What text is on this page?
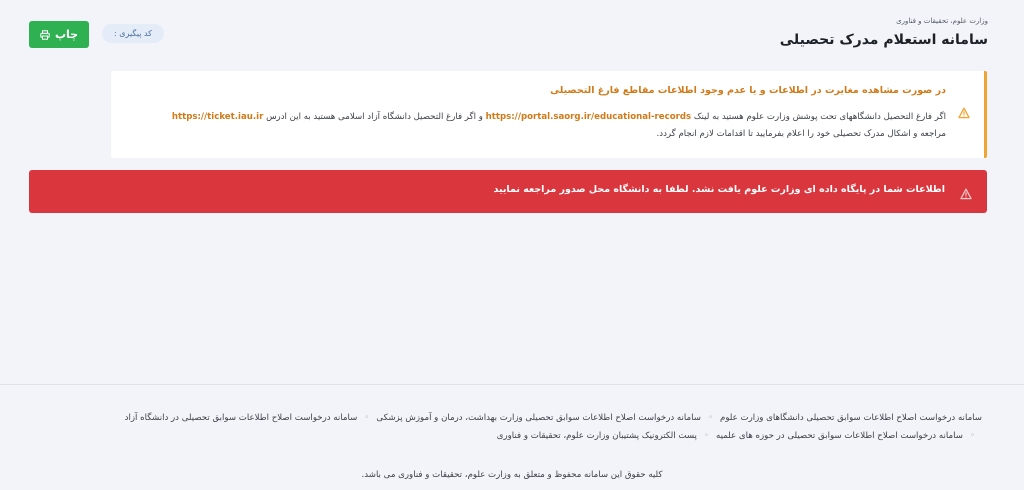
وزارت علوم، تحقیقات و فناوری
سامانه استعلام مدرک تحصیلی
چاپ	کد پیگیری :
در صورت مشاهده مغایرت در اطلاعات و یا عدم وجود اطلاعات مقاطع فارغ التحصیلی
اگر فارغ التحصیل دانشگاههای تحت پوشش وزارت علوم هستید به لینک https://portal.saorg.ir/educational-records و اگر فارغ التحصیل دانشگاه آزاد اسلامی هستید به این ادرس https://ticket.iau.ir
مراجعه و اشکال مدرک تحصیلی خود را اعلام بفرمایید تا اقدامات لازم انجام گردد.
اطلاعات شما در پایگاه داده ای وزارت علوم یافت نشد. لطفا به دانشگاه محل صدور مراجعه نمایید
سامانه درخواست اصلاح اطلاعات سوابق تحصیلی دانشگاهای وزارت علوم◦سامانه درخواست اصلاح اطلاعات سوابق تحصیلی وزارت بهداشت، درمان و آموزش پزشکی◦سامانه درخواست اصلاح اطلاعات سوابق تحصیلی در دانشگاه آزاد
◦سامانه درخواست اصلاح اطلاعات سوابق تحصیلی در حوزه های علمیه◦پست الکترونیک پشتیبان وزارت علوم، تحقیقات و فناوری
کلیه حقوق این سامانه محفوظ و متعلق به وزارت علوم، تحقیقات و فناوری می باشد.
